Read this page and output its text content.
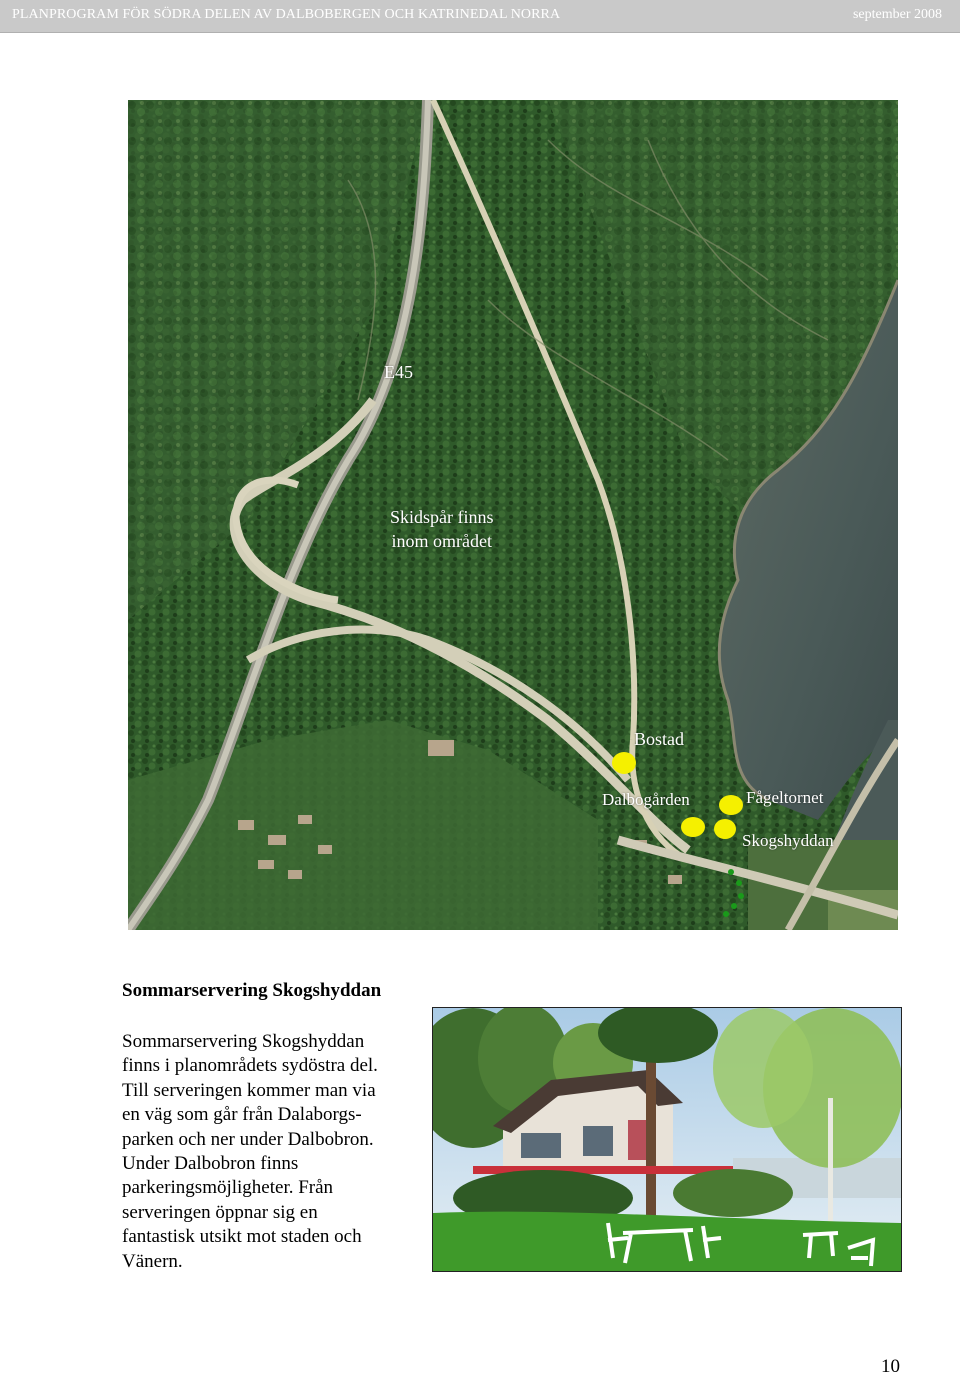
PLANPROGRAM FÖR SÖDRA DELEN AV DALBOBERGEN OCH KATRINEDAL NORRA	september 2008
E45
Skidspår finns
inom området
Bostad
Dalbogården	Fågeltornet
Skogshyddan
Sommarservering Skogshyddan
Sommarservering Skogshyddan
finns i planområdets sydöstra del.
Till serveringen kommer man via
en väg som går från Dalaborgs-
parken och ner under Dalbobron.
Under Dalbobron finns
parkeringsmöjligheter. Från
serveringen öppnar sig en
fantastisk utsikt mot staden och
Vänern.
10
